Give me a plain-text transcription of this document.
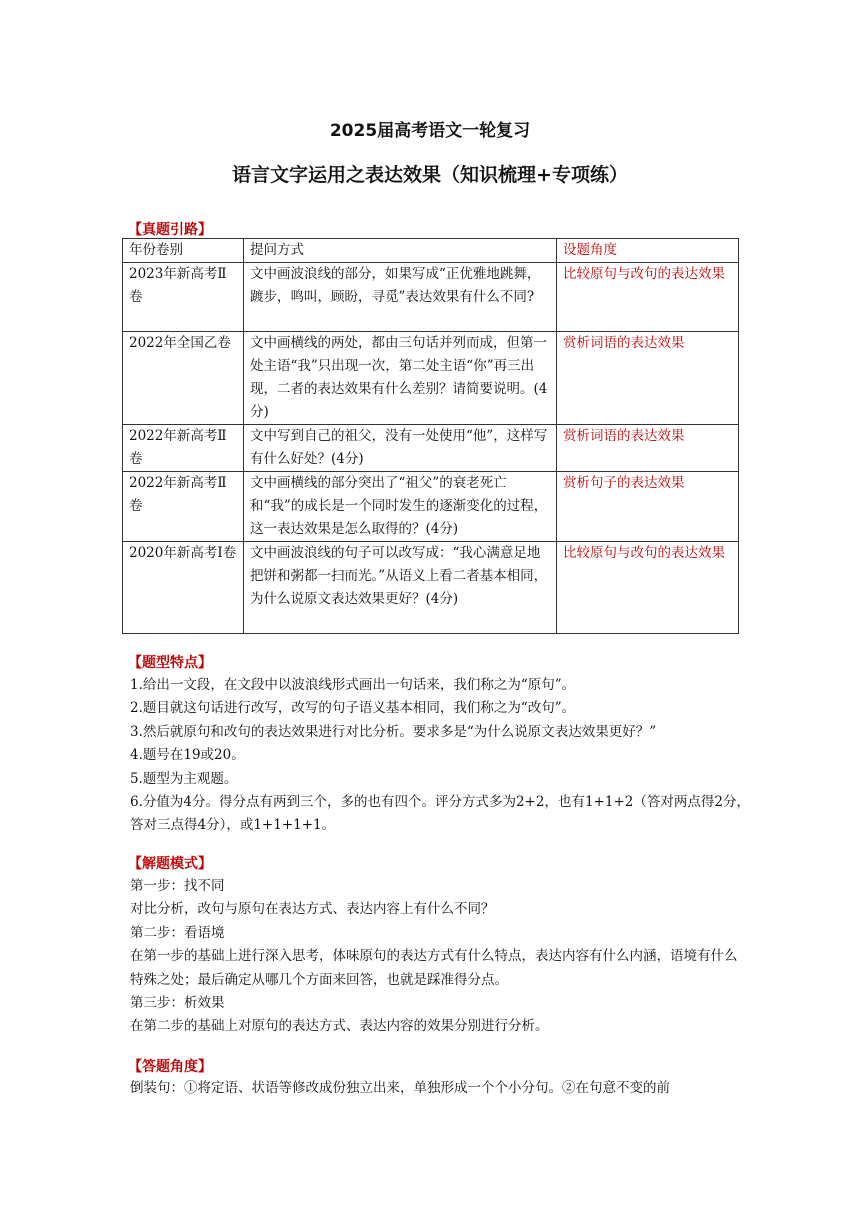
2025届高考语文一轮复习
语言文字运用之表达效果（知识梳理+专项练）
【真题引路】
年份卷别	提问方式	设题角度
2023年新高考Ⅱ卷	文中画波浪线的部分，如果写成“正优雅地跳舞，踱步，鸣叫，顾盼，寻觅”表达效果有什么不同?	比较原句与改句的表达效果
2022年全国乙卷	文中画横线的两处，都由三句话并列而成，但第一处主语“我”只出现一次，第二处主语“你”再三出现，二者的表达效果有什么差别？请简要说明。(4分)	赏析词语的表达效果
2022年新高考Ⅱ卷	文中写到自己的祖父，没有一处使用“他”，这样写有什么好处？(4分)	赏析词语的表达效果
2022年新高考Ⅱ卷	文中画横线的部分突出了“祖父”的衰老死亡和“我”的成长是一个同时发生的逐渐变化的过程，这一表达效果是怎么取得的？(4分)	赏析句子的表达效果
2020年新高考Ⅰ卷	文中画波浪线的句子可以改写成：“我心满意足地把饼和粥都一扫而光。”从语义上看二者基本相同，为什么说原文表达效果更好？(4分)	比较原句与改句的表达效果
【题型特点】

1.给出一文段，在文段中以波浪线形式画出一句话来，我们称之为“原句”。

2.题目就这句话进行改写，改写的句子语义基本相同，我们称之为“改句”。

3.然后就原句和改句的表达效果进行对比分析。要求多是“为什么说原文表达效果更好？”

4.题号在19或20。

5.题型为主观题。

6.分值为4分。得分点有两到三个，多的也有四个。评分方式多为2+2，也有1+1+2（答对两点得2分，答对三点得4分），或1+1+1+1。

【解题模式】

第一步：找不同

对比分析，改句与原句在表达方式、表达内容上有什么不同？

第二步：看语境

在第一步的基础上进行深入思考，体味原句的表达方式有什么特点，表达内容有什么内涵，语境有什么特殊之处；最后确定从哪几个方面来回答，也就是踩准得分点。

第三步：析效果

在第二步的基础上对原句的表达方式、表达内容的效果分别进行分析。

【答题角度】

倒装句：①将定语、状语等修改成份独立出来，单独形成一个个小分句。②在句意不变的前
